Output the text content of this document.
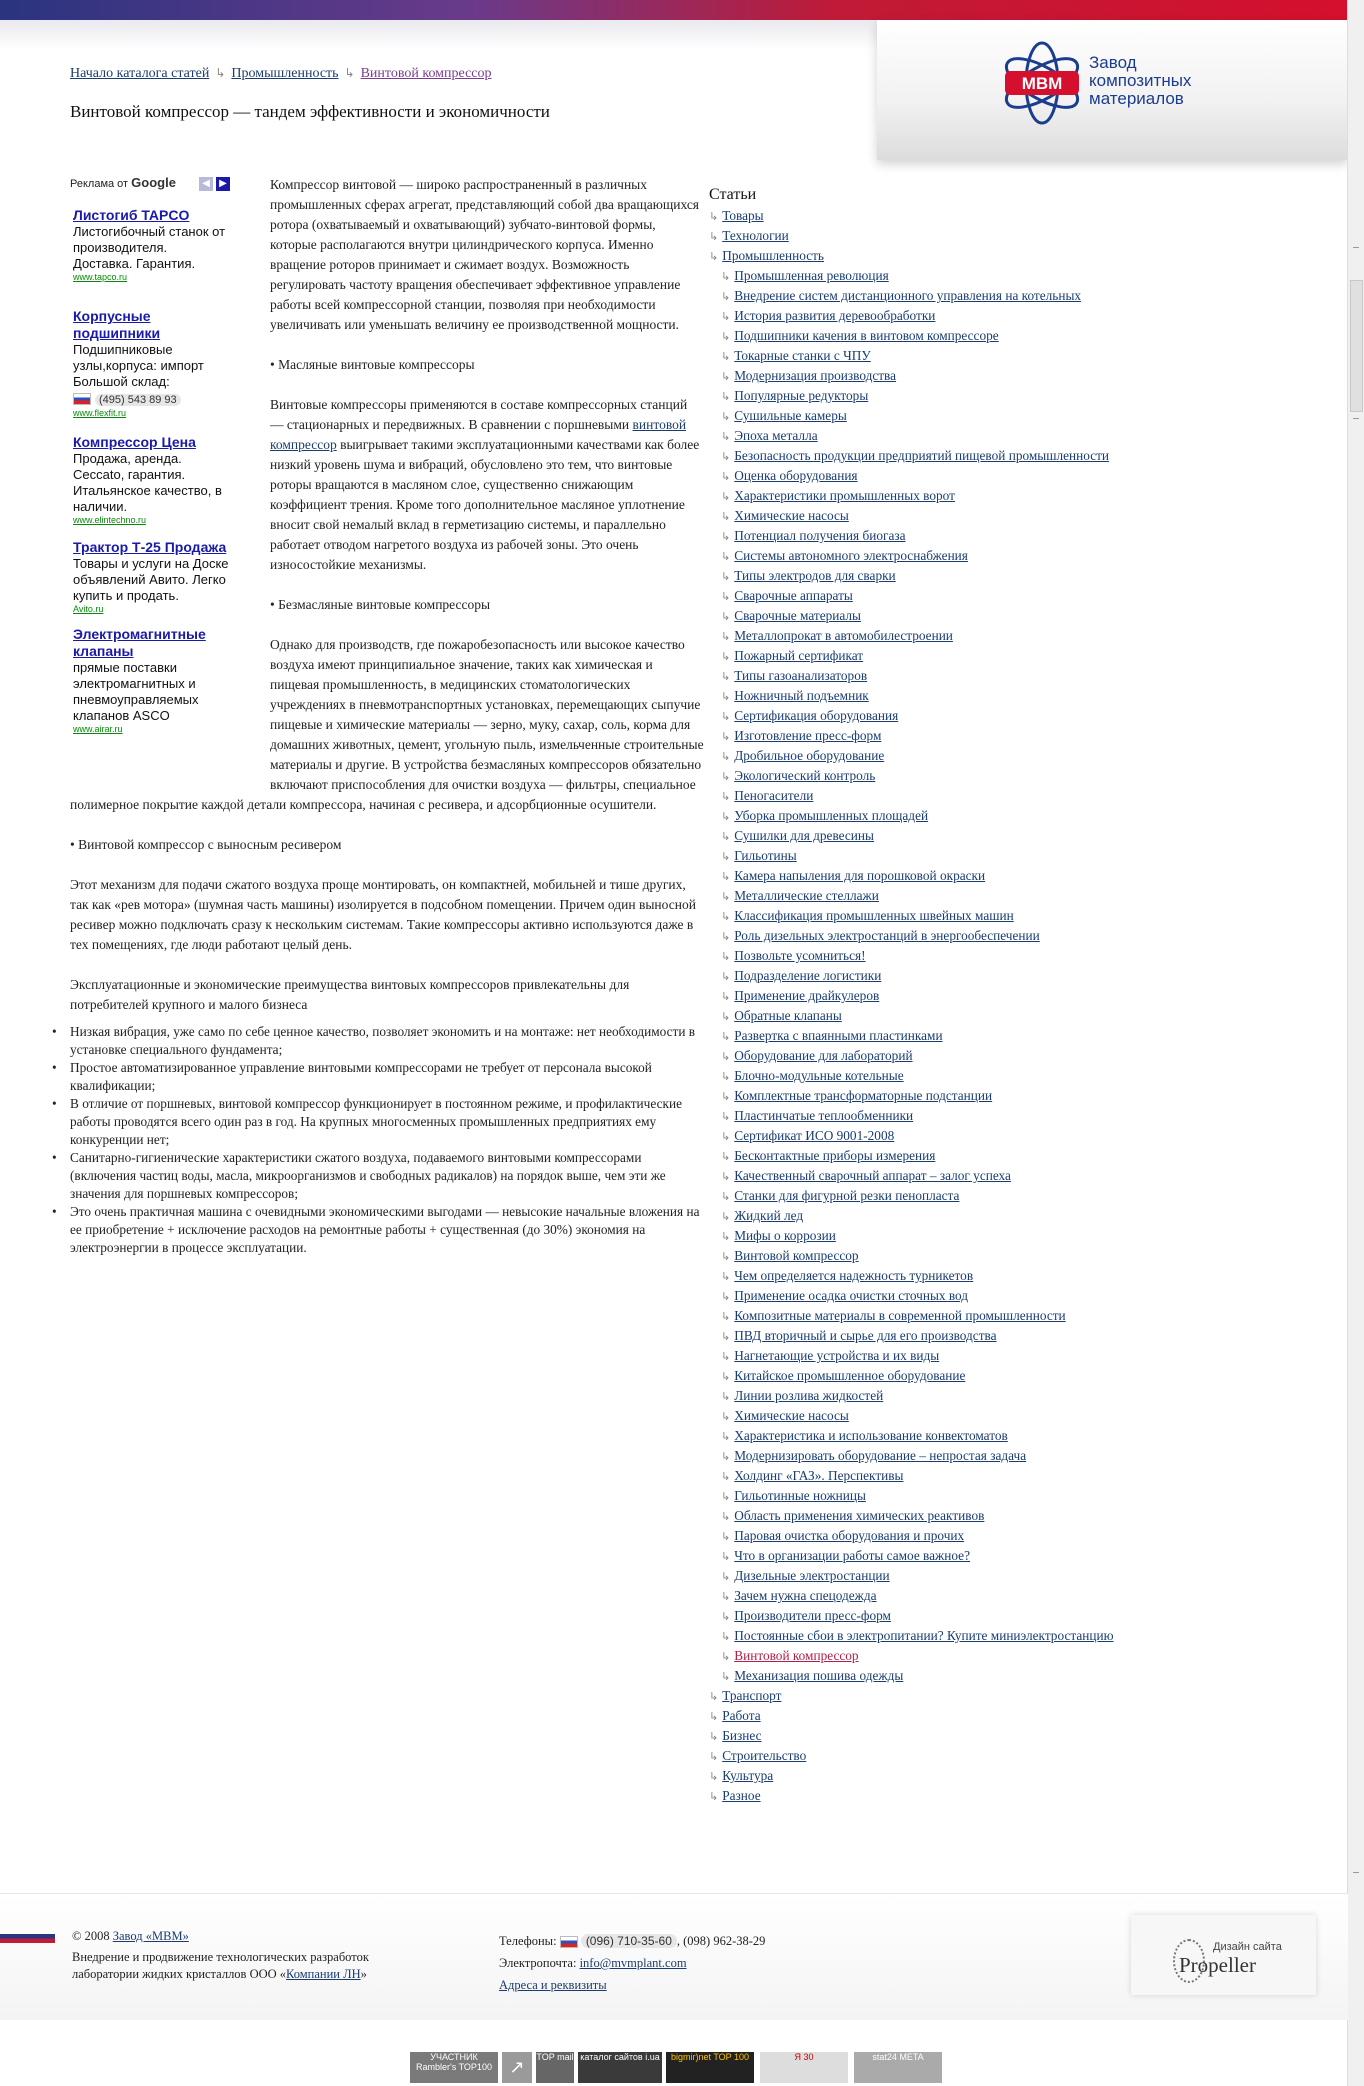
МВМ
Завод
композитных
материалов
Начало каталога статей ↳ Промышленность ↳ Винтовой компрессор
Винтовой компрессор — тандем эффективности и экономичности
Реклама от Google	◀ ▶
Листогиб TAPCO
Листогибочный станок от производителя. Доставка. Гарантия.
www.tapco.ru
Корпусные подшипники
Подшипниковые узлы,корпуса: импорт Большой склад:
(495) 543 89 93
www.flexfit.ru
Компрессор Цена
Продажа, аренда. Ceccato, гарантия. Итальянское качество, в наличии.
www.elintechno.ru
Трактор Т-25 Продажа
Товары и услуги на Доске объявлений Авито. Легко купить и продать.
Avito.ru
Электромагнитные клапаны
прямые поставки электромагнитных и пневмоуправляемых клапанов ASCO
www.airar.ru

Компрессор винтовой — широко распространенный в различных промышленных сферах агрегат, представляющий собой два вращающихся ротора (охватываемый и охватывающий) зубчато-винтовой формы, которые располагаются внутри цилиндрического корпуса. Именно вращение роторов принимает и сжимает воздух. Возможность регулировать частоту вращения обеспечивает эффективное управление работы всей компрессорной станции, позволяя при необходимости увеличивать или уменьшать величину ее производственной мощности.

• Масляные винтовые компрессоры

Винтовые компрессоры применяются в составе компрессорных станций — стационарных и передвижных. В сравнении с поршневыми винтовой компрессор выигрывает такими эксплуатационными качествами как более низкий уровень шума и вибраций, обусловлено это тем, что винтовые роторы вращаются в масляном слое, существенно снижающим коэффициент трения. Кроме того дополнительное масляное уплотнение вносит свой немалый вклад в герметизацию системы, и параллельно работает отводом нагретого воздуха из рабочей зоны. Это очень износостойкие механизмы.

• Безмасляные винтовые компрессоры

Однако для производств, где пожаробезопасность или высокое качество воздуха имеют принципиальное значение, таких как химическая и пищевая промышленность, в медицинских стоматологических учреждениях в пневмотранспортных установках, перемещающих сыпучие пищевые и химические материалы — зерно, муку, сахар, соль, корма для домашних животных, цемент, угольную пыль, измельченные строительные материалы и другие. В устройства безмасляных компрессоров обязательно включают приспособления для очистки воздуха — фильтры, специальное полимерное покрытие каждой детали компрессора, начиная с ресивера, и адсорбционные осушители.

• Винтовой компрессор с выносным ресивером

Этот механизм для подачи сжатого воздуха проще монтировать, он компактней, мобильней и тише других, так как «рев мотора» (шумная часть машины) изолируется в подсобном помещении. Причем один выносной ресивер можно подключать сразу к нескольким системам. Такие компрессоры активно используются даже в тех помещениях, где люди работают целый день.

Эксплуатационные и экономические преимущества винтовых компрессоров привлекательны для потребителей крупного и малого бизнеса

• Низкая вибрация, уже само по себе ценное качество, позволяет экономить и на монтаже: нет необходимости в установке специального фундамента;
• Простое автоматизированное управление винтовыми компрессорами не требует от персонала высокой квалификации;
• В отличие от поршневых, винтовой компрессор функционирует в постоянном режиме, и профилактические работы проводятся всего один раз в год. На крупных многосменных промышленных предприятиях ему конкуренции нет;
• Санитарно-гигиенические характеристики сжатого воздуха, подаваемого винтовыми компрессорами (включения частиц воды, масла, микроорганизмов и свободных радикалов) на порядок выше, чем эти же значения для поршневых компрессоров;
• Это очень практичная машина с очевидными экономическими выгодами — невысокие начальные вложения на ее приобретение + исключение расходов на ремонтные работы + существенная (до 30%) экономия на электроэнергии в процессе эксплуатации.
Статьи
↳ Товары
↳ Технологии
↳ Промышленность
↳ Промышленная революция
↳ Внедрение систем дистанционного управления на котельных
↳ История развития деревообработки
↳ Подшипники качения в винтовом компрессоре
↳ Токарные станки с ЧПУ
↳ Модернизация производства
↳ Популярные редукторы
↳ Сушильные камеры
↳ Эпоха металла
↳ Безопасность продукции предприятий пищевой промышленности
↳ Оценка оборудования
↳ Характеристики промышленных ворот
↳ Химические насосы
↳ Потенциал получения биогаза
↳ Системы автономного электроснабжения
↳ Типы электродов для сварки
↳ Сварочные аппараты
↳ Сварочные материалы
↳ Металлопрокат в автомобилестроении
↳ Пожарный сертификат
↳ Типы газоанализаторов
↳ Ножничный подъемник
↳ Сертификация оборудования
↳ Изготовление пресс-форм
↳ Дробильное оборудование
↳ Экологический контроль
↳ Пеногасители
↳ Уборка промышленных площадей
↳ Сушилки для древесины
↳ Гильотины
↳ Камера напыления для порошковой окраски
↳ Металлические стеллажи
↳ Классификация промышленных швейных машин
↳ Роль дизельных электростанций в энергообеспечении
↳ Позвольте усомниться!
↳ Подразделение логистики
↳ Применение драйкулеров
↳ Обратные клапаны
↳ Развертка с впаянными пластинками
↳ Оборудование для лабораторий
↳ Блочно-модульные котельные
↳ Комплектные трансформаторные подстанции
↳ Пластинчатые теплообменники
↳ Сертификат ИСО 9001-2008
↳ Бесконтактные приборы измерения
↳ Качественный сварочный аппарат – залог успеха
↳ Станки для фигурной резки пенопласта
↳ Жидкий лед
↳ Мифы о коррозии
↳ Винтовой компрессор
↳ Чем определяется надежность турникетов
↳ Применение осадка очистки сточных вод
↳ Композитные материалы в современной промышленности
↳ ПВД вторичный и сырье для его производства
↳ Нагнетающие устройства и их виды
↳ Китайское промышленное оборудование
↳ Линии розлива жидкостей
↳ Химические насосы
↳ Характеристика и использование конвектоматов
↳ Модернизировать оборудование – непростая задача
↳ Холдинг «ГАЗ». Перспективы
↳ Гильотинные ножницы
↳ Область применения химических реактивов
↳ Паровая очистка оборудования и прочих
↳ Что в организации работы самое важное?
↳ Дизельные электростанции
↳ Зачем нужна спецодежда
↳ Производители пресс-форм
↳ Постоянные сбои в электропитании? Купите миниэлектростанцию
↳ Винтовой компрессор
↳ Механизация пошива одежды
↳ Транспорт
↳ Работа
↳ Бизнес
↳ Строительство
↳ Культура
↳ Разное
© 2008 Завод «МВМ»
Внедрение и продвижение технологических разработок лаборатории жидких кристаллов ООО «Компании ЛН»
Телефоны: (096) 710-35-60 , (098) 962-38-29
Электропочта: info@mvmplant.com
Адреса и реквизиты
Дизайн сайта
Propeller
УЧАСТНИК Rambler's TOP100 ↗	TOP mail каталог сайтов i.ua	bigmir)net TOP 100	Я 30	stat24 META
